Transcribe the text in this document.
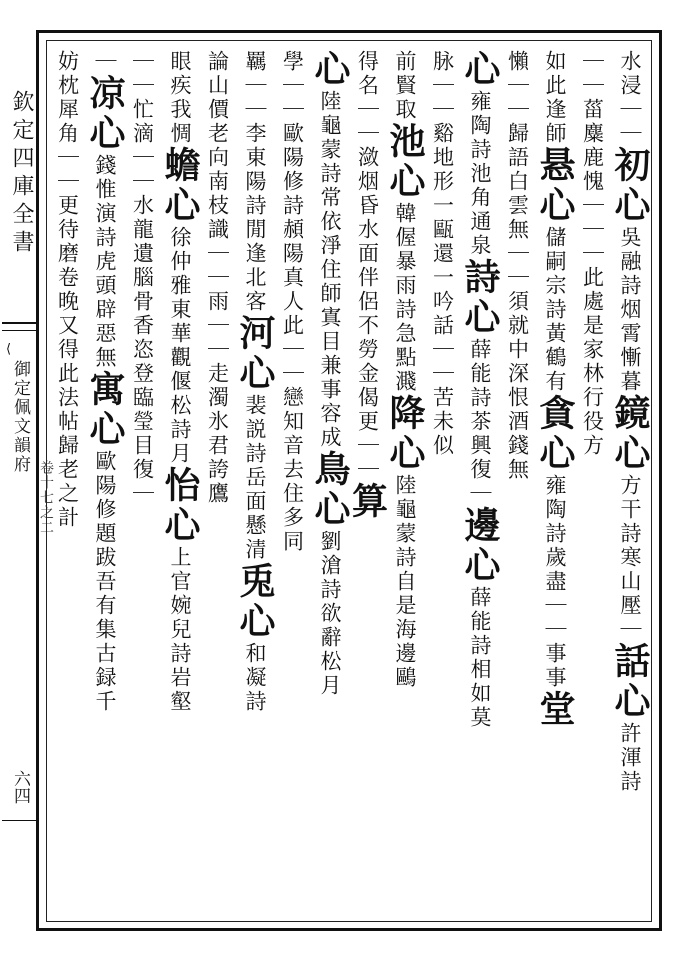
欽定四庫全書
⟨
御定佩文韻府
卷十七之二
六四
水浸｜｜初心吳融詩烟霄慚暮鏡心方干詩寒山壓｜話心許渾詩
｜｜菑麋鹿愧｜｜｜此處是家林行役方
如此逢師悬心儲嗣宗詩黃鶴有貪心雍陶詩歲盡｜｜事事堂
懶｜｜歸語白雲無｜｜須就中深恨酒錢無
心雍陶詩池角通泉詩心薛能詩茶興復｜邊心薛能詩相如莫
脉｜｜谿地形一甌還一吟話｜｜苦未似
前賢取池心韓偓暴雨詩急點濺降心陸龜蒙詩自是海邊鷗
得名｜｜潋烟昏水面伴侶不勞金偈更｜｜算
心陸龜蒙詩常依淨住師寘目兼事容成鳥心劉滄詩欲辭松月
學｜｜歐陽修詩頳陽真人此｜｜戀知音去住多同
羈｜｜李東陽詩閒逢北客河心裴説詩岳面懸清兎心和凝詩
論山價老向南枝識｜｜雨｜｜走濁氷君誇鷹
眼疾我惆蟾心徐仲雅東華觀偃松詩月怡心上官婉兒詩岩壑
｜｜忙滴｜｜水龍遺腦骨香恣登臨瑩目復｜
｜凉心錢惟演詩虎頭辟惡無寓心歐陽修題跋吾有集古録千
妨枕犀角｜｜更待磨卷晚又得此法帖歸老之計
